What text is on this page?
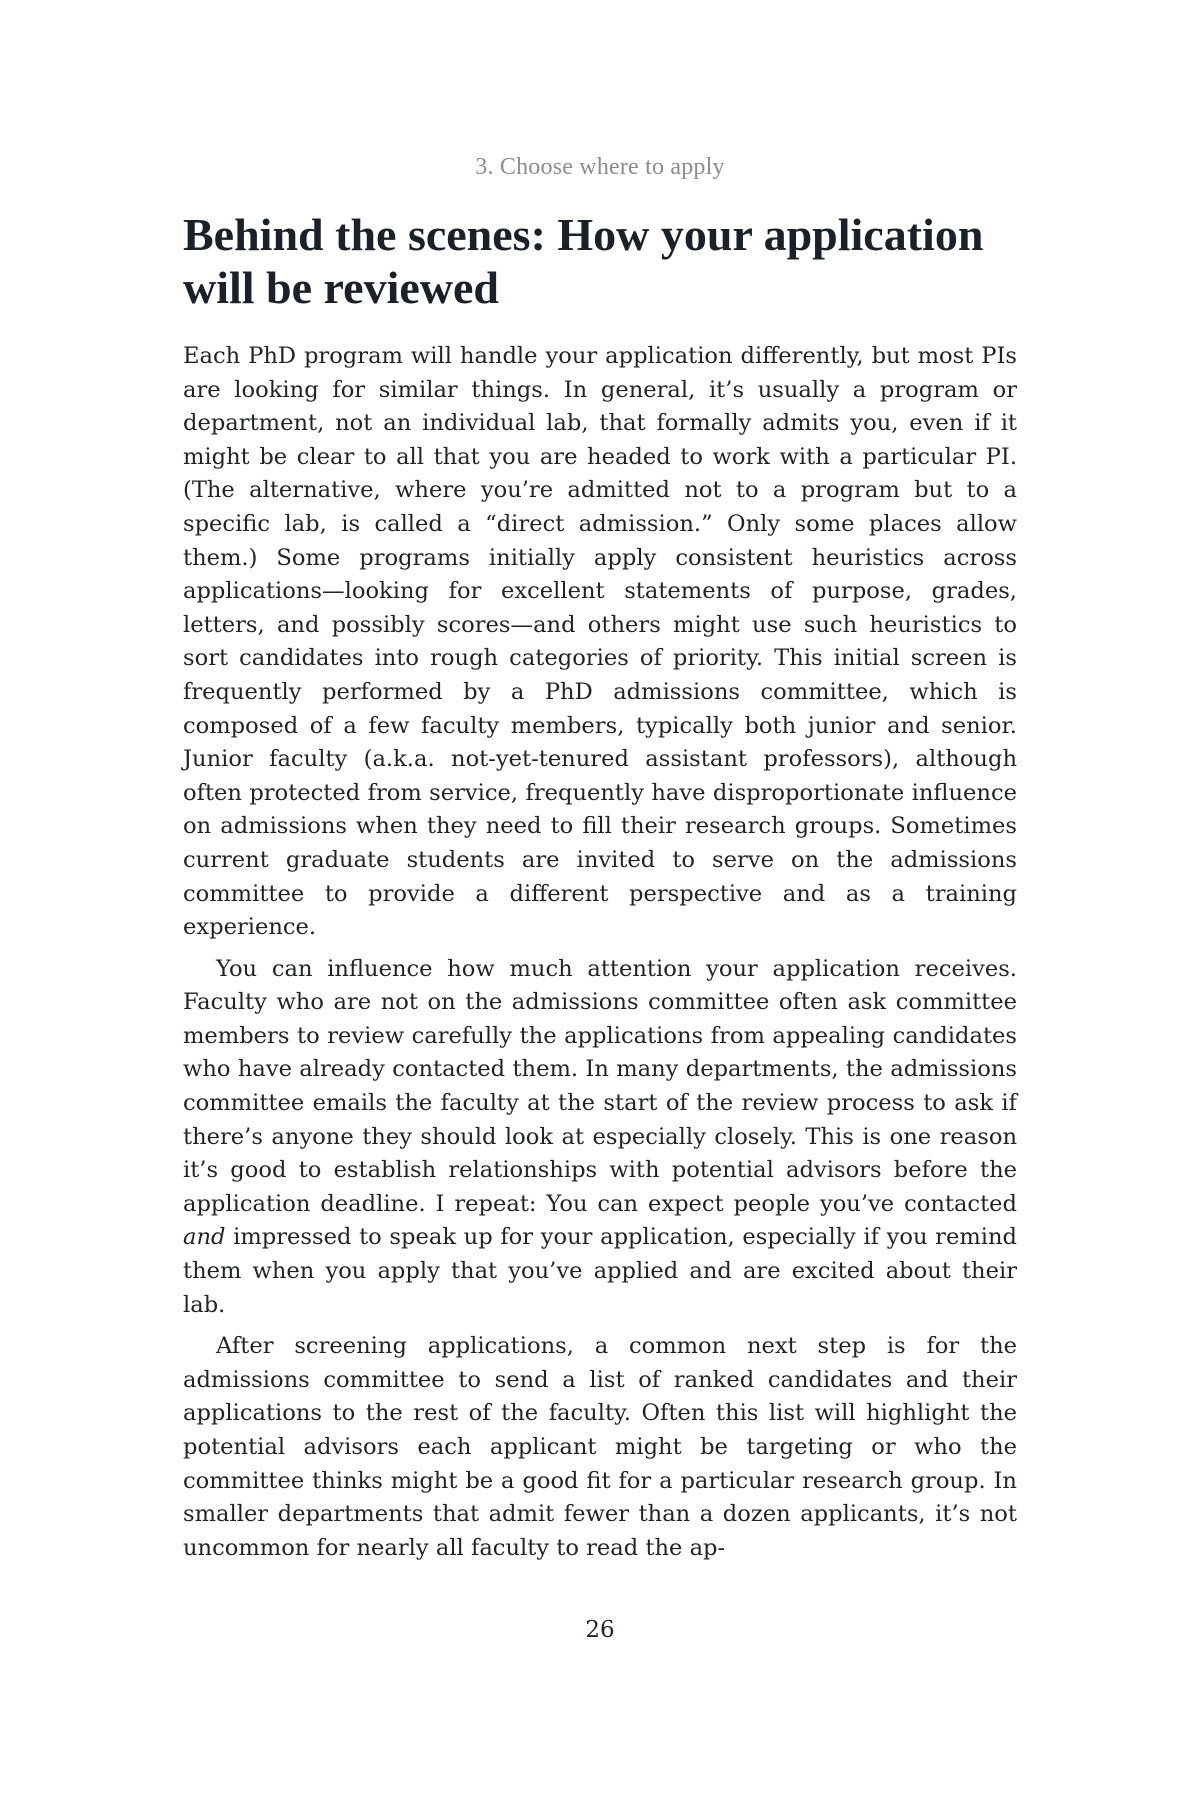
3. Choose where to apply
Behind the scenes: How your application will be reviewed

Each PhD program will handle your application differently, but most PIs are looking for similar things. In general, it’s usually a program or department, not an individual lab, that formally admits you, even if it might be clear to all that you are headed to work with a particular PI. (The alternative, where you’re admitted not to a program but to a specific lab, is called a “direct admission.” Only some places allow them.) Some programs initially apply consistent heuristics across applications—looking for excellent statements of purpose, grades, letters, and possibly scores—and others might use such heuristics to sort candidates into rough categories of priority. This initial screen is frequently performed by a PhD admissions committee, which is composed of a few faculty members, typically both junior and senior. Junior faculty (a.k.a. not-yet-tenured assistant professors), although often protected from service, frequently have disproportionate influence on admissions when they need to fill their research groups. Sometimes current graduate students are invited to serve on the admissions committee to provide a different perspective and as a training experience.

You can influence how much attention your application receives. Faculty who are not on the admissions committee often ask committee members to review carefully the applications from appealing candidates who have already contacted them. In many departments, the admissions committee emails the faculty at the start of the review process to ask if there’s anyone they should look at especially closely. This is one reason it’s good to establish relationships with potential advisors before the application deadline. I repeat: You can expect people you’ve contacted and impressed to speak up for your application, especially if you remind them when you apply that you’ve applied and are excited about their lab.

After screening applications, a common next step is for the admissions committee to send a list of ranked candidates and their applications to the rest of the faculty. Often this list will highlight the potential advisors each applicant might be targeting or who the committee thinks might be a good fit for a particular research group. In smaller departments that admit fewer than a dozen applicants, it’s not uncommon for nearly all faculty to read the ap-

26
